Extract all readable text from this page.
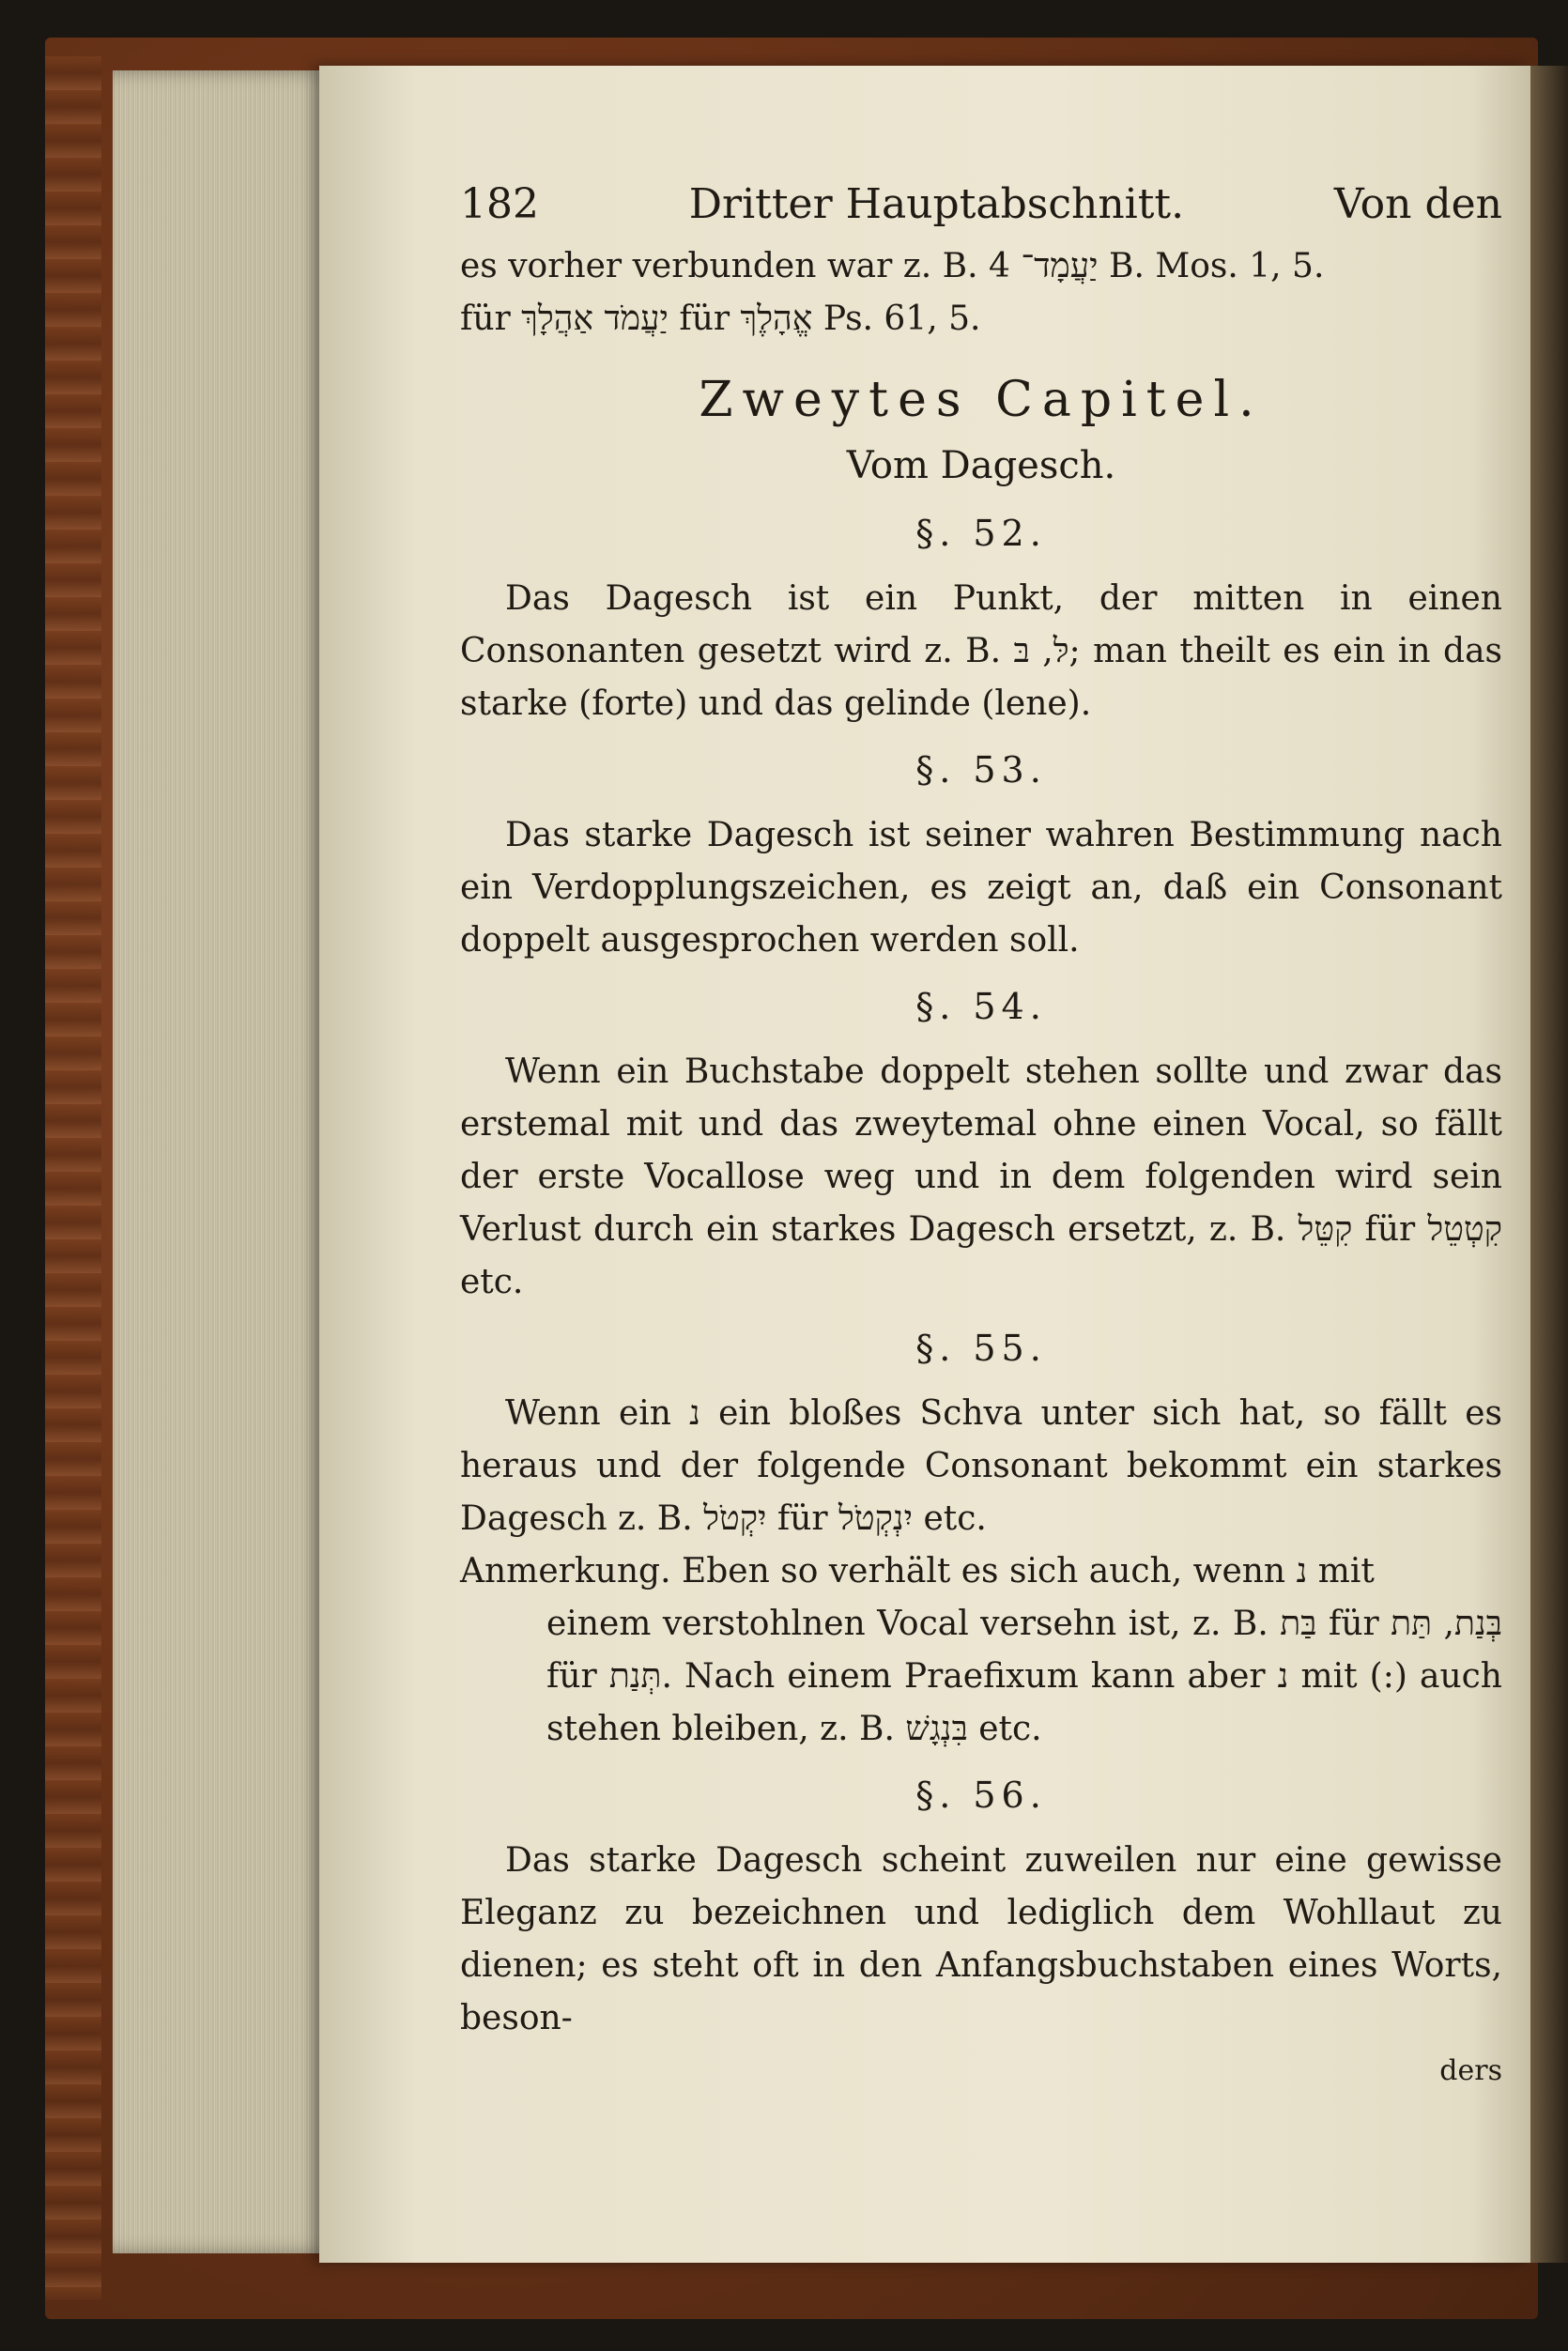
182	Dritter Hauptabschnitt.	Von den

es vorher verbunden war z. B. יַעֲמָד־ 4 B. Mos. 1, 5.

für יַעֲמֹד אַהֲלָךְ für אֱהָלֶךְ Ps. 61, 5.

Zweytes Capitel.
Vom Dagesch.
§. 52.

Das Dagesch ist ein Punkt, der mitten in einen Consonanten gesetzt wird z. B. לּ, בּ; man theilt es ein in das starke (forte) und das gelinde (lene).

§. 53.

Das starke Dagesch ist seiner wahren Bestimmung nach ein Verdopplungszeichen, es zeigt an, daß ein Consonant doppelt ausgesprochen werden soll.

§. 54.

Wenn ein Buchstabe doppelt stehen sollte und zwar das erstemal mit und das zweytemal ohne einen Vocal, so fällt der erste Vocallose weg und in dem folgenden wird sein Verlust durch ein starkes Dagesch ersetzt, z. B. קִטֵּל für קִטְטֵל etc.

§. 55.

Wenn ein נ ein bloßes Schva unter sich hat, so fällt es heraus und der folgende Consonant bekommt ein starkes Dagesch z. B. יִקְטֹל für יִנְקְטֹל etc.

Anmerkung. Eben so verhält es sich auch, wenn נ mit

einem verstohlnen Vocal versehn ist, z. B. בַּת für בְּנַת, תַּת für תְּנַת. Nach einem Praefixum kann aber נ mit (:) auch stehen bleiben, z. B. בִּנְגָשׁ etc.

§. 56.

Das starke Dagesch scheint zuweilen nur eine gewisse Eleganz zu bezeichnen und lediglich dem Wohllaut zu dienen; es steht oft in den Anfangsbuchstaben eines Worts, beson-

ders
